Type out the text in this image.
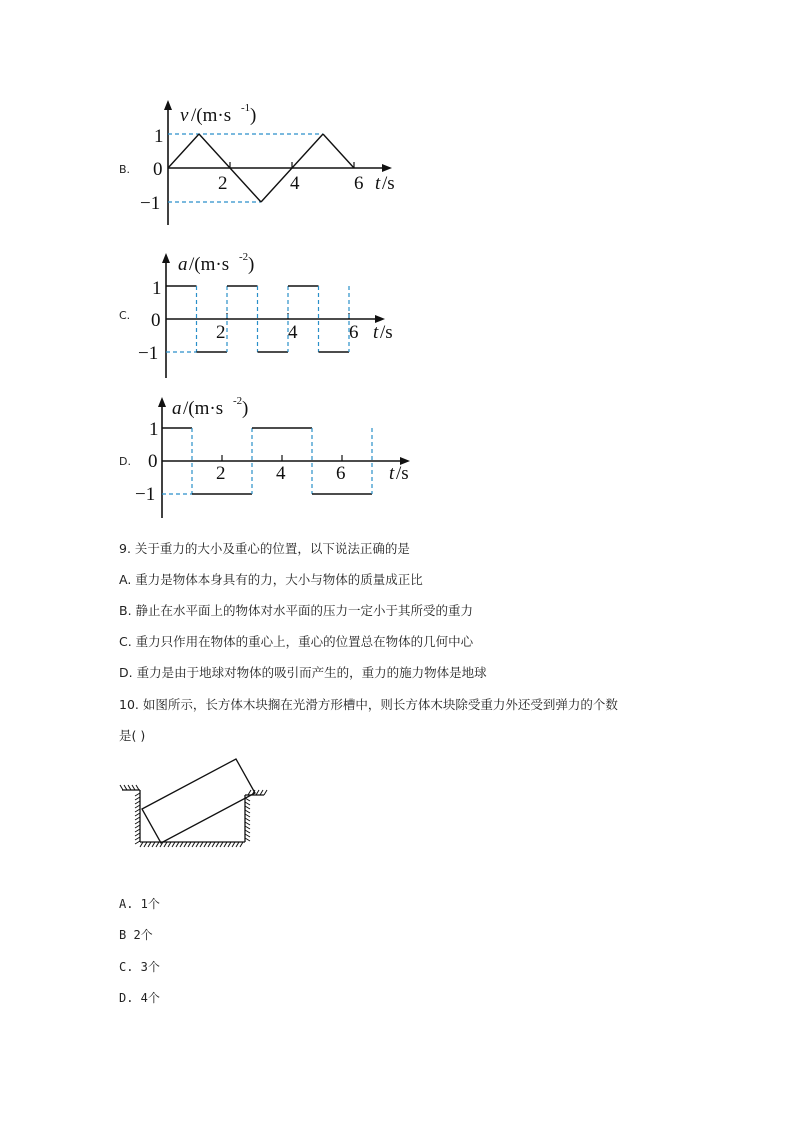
B.
v /(m·s -1 )
1
0
−1
2	4	6 t /s
C.
a /(m·s -2 )
1
0
−1
2	4	6 t /s
D.
a /(m·s -2 )
1
0
−1
2	4	6 t /s
9. 关于重力的大小及重心的位置，以下说法正确的是
A. 重力是物体本身具有的力，大小与物体的质量成正比
B. 静止在水平面上的物体对水平面的压力一定小于其所受的重力
C. 重力只作用在物体的重心上，重心的位置总在物体的几何中心
D. 重力是由于地球对物体的吸引而产生的，重力的施力物体是地球
10. 如图所示，长方体木块搁在光滑方形槽中，则长方体木块除受重力外还受到弹力的个数
是( )
A. 1个
B 2个
C. 3个
D. 4个
